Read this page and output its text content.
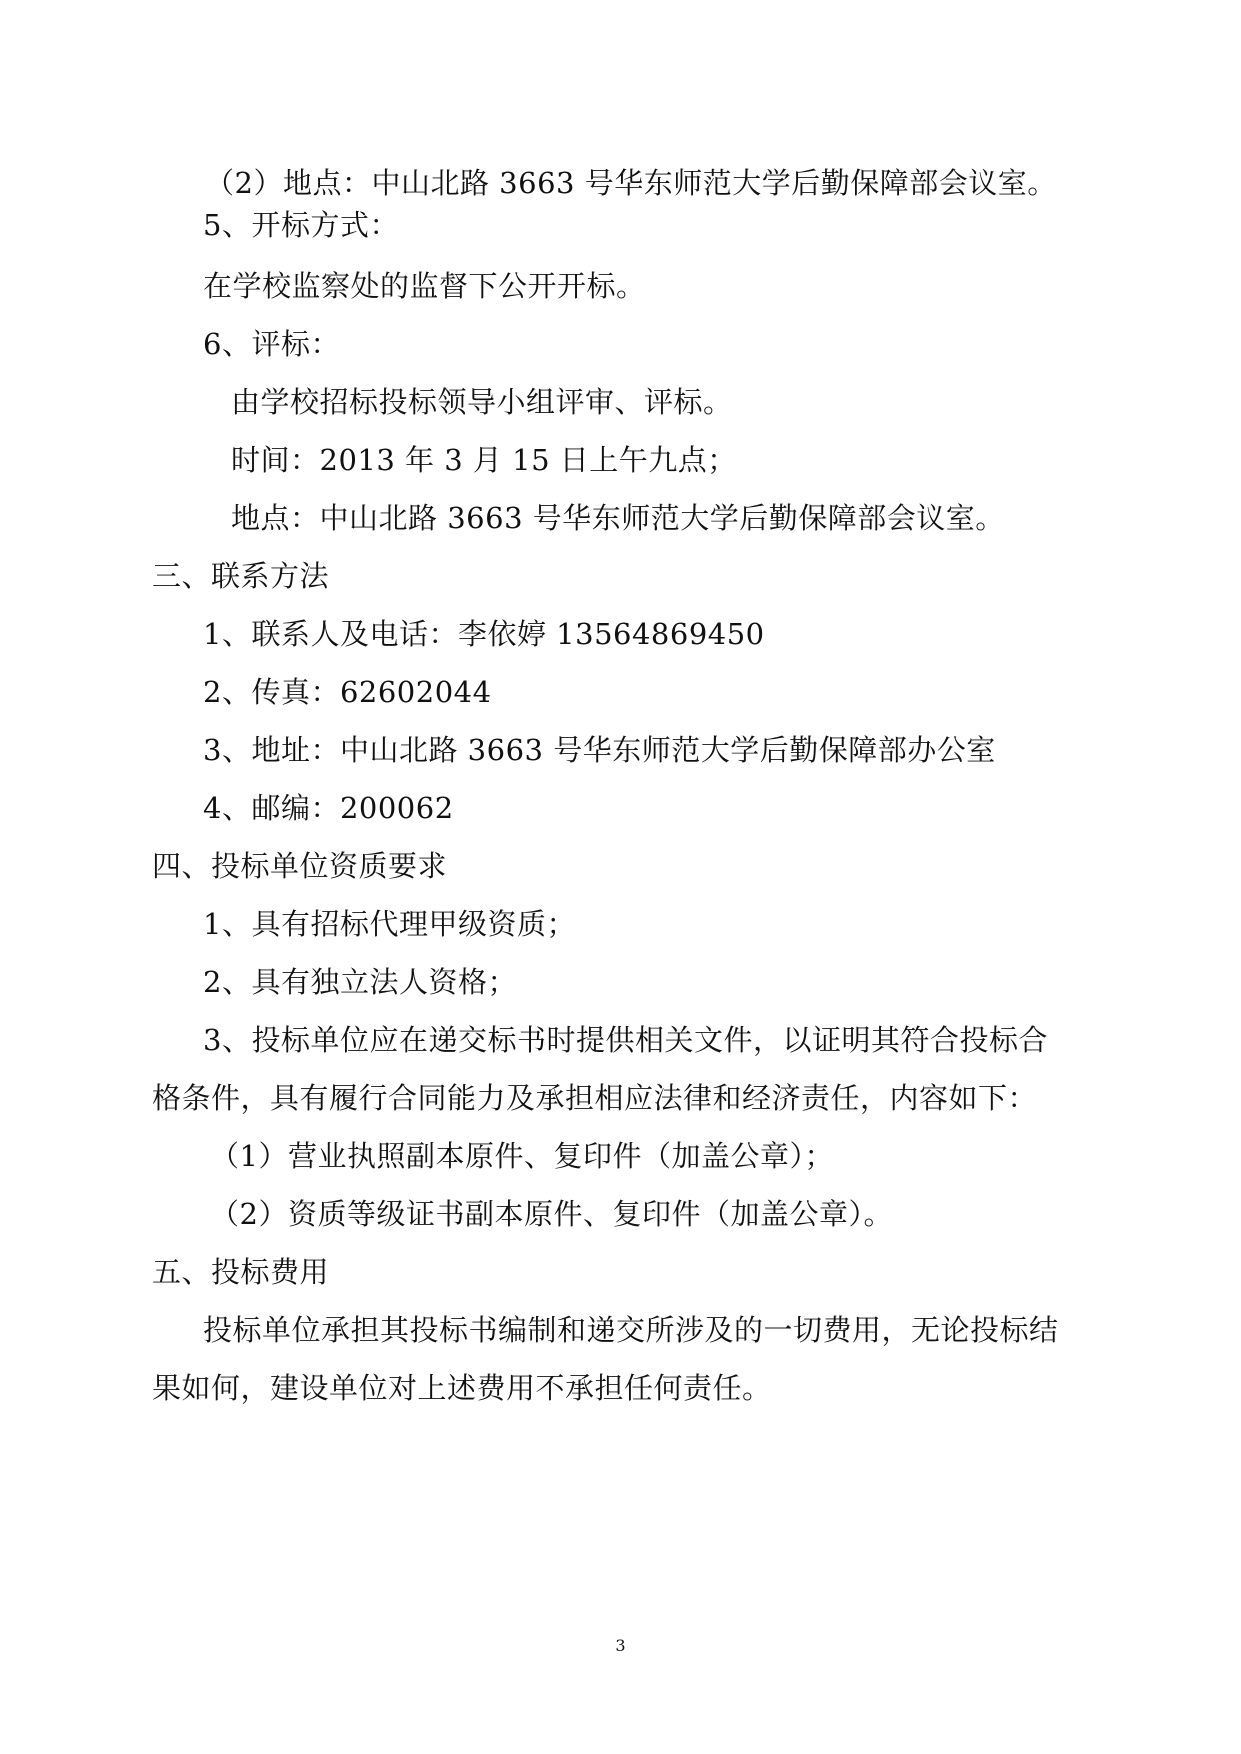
（2）地点：中山北路 3663 号华东师范大学后勤保障部会议室。
5、开标方式：
在学校监察处的监督下公开开标。
6、评标：
由学校招标投标领导小组评审、评标。
时间：2013 年 3 月 15 日上午九点；
地点：中山北路 3663 号华东师范大学后勤保障部会议室。
三、联系方法
1、联系人及电话：李依婷 13564869450
2、传真：62602044
3、地址：中山北路 3663 号华东师范大学后勤保障部办公室
4、邮编：200062
四、投标单位资质要求
1、具有招标代理甲级资质；
2、具有独立法人资格；
3、投标单位应在递交标书时提供相关文件，以证明其符合投标合
格条件，具有履行合同能力及承担相应法律和经济责任，内容如下：
（1）营业执照副本原件、复印件（加盖公章）；
（2）资质等级证书副本原件、复印件（加盖公章）。
五、投标费用
投标单位承担其投标书编制和递交所涉及的一切费用，无论投标结
果如何，建设单位对上述费用不承担任何责任。
3
